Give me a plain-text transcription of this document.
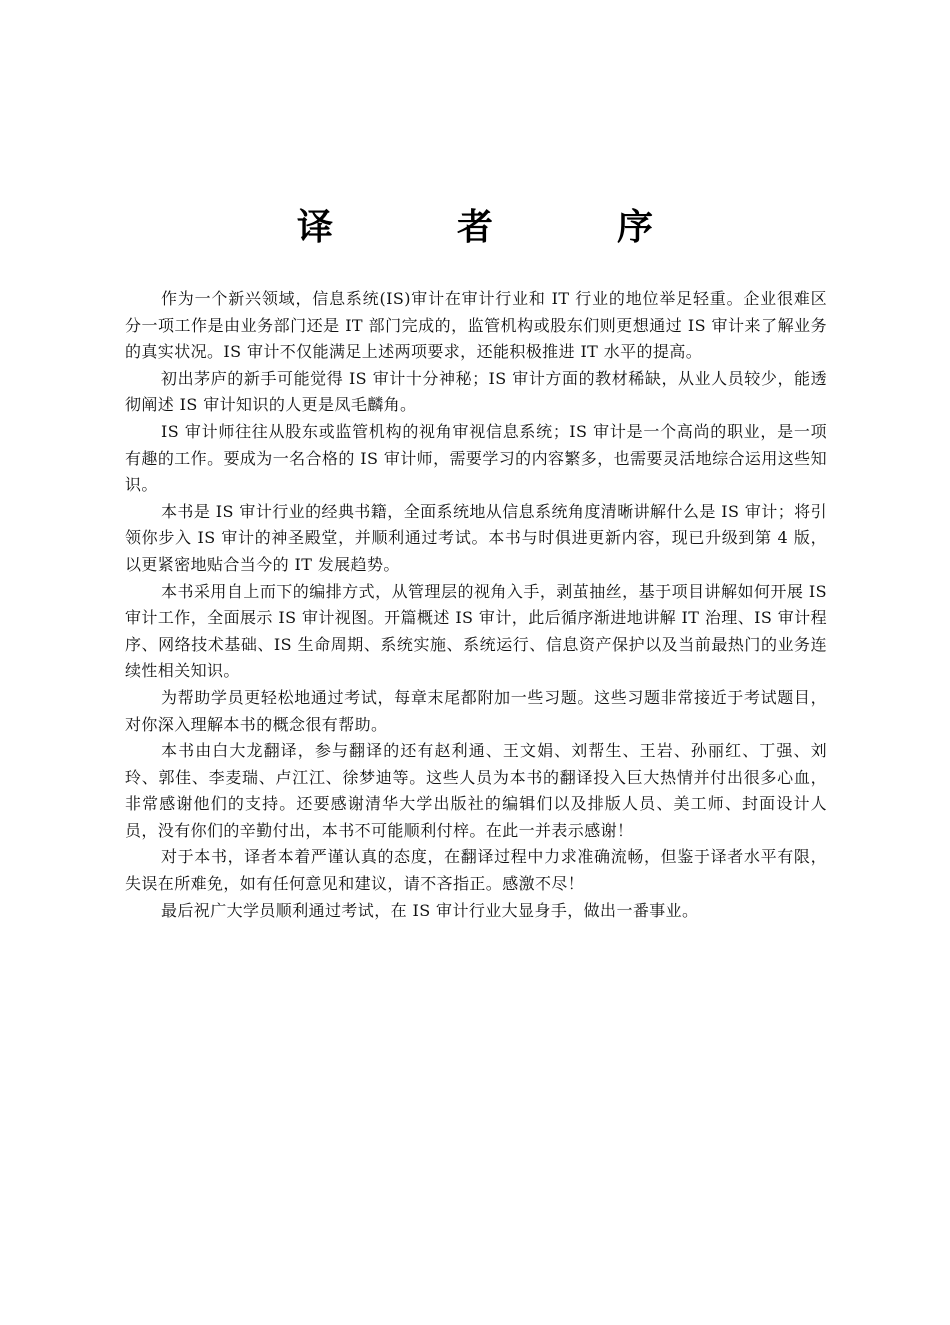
译　者　序

作为一个新兴领域，信息系统(IS)审计在审计行业和 IT 行业的地位举足轻重。企业很难区分一项工作是由业务部门还是 IT 部门完成的，监管机构或股东们则更想通过 IS 审计来了解业务的真实状况。IS 审计不仅能满足上述两项要求，还能积极推进 IT 水平的提高。

初出茅庐的新手可能觉得 IS 审计十分神秘；IS 审计方面的教材稀缺，从业人员较少，能透彻阐述 IS 审计知识的人更是凤毛麟角。

IS 审计师往往从股东或监管机构的视角审视信息系统；IS 审计是一个高尚的职业，是一项有趣的工作。要成为一名合格的 IS 审计师，需要学习的内容繁多，也需要灵活地综合运用这些知识。

本书是 IS 审计行业的经典书籍，全面系统地从信息系统角度清晰讲解什么是 IS 审计；将引领你步入 IS 审计的神圣殿堂，并顺利通过考试。本书与时俱进更新内容，现已升级到第 4 版，以更紧密地贴合当今的 IT 发展趋势。

本书采用自上而下的编排方式，从管理层的视角入手，剥茧抽丝，基于项目讲解如何开展 IS 审计工作，全面展示 IS 审计视图。开篇概述 IS 审计，此后循序渐进地讲解 IT 治理、IS 审计程序、网络技术基础、IS 生命周期、系统实施、系统运行、信息资产保护以及当前最热门的业务连续性相关知识。

为帮助学员更轻松地通过考试，每章末尾都附加一些习题。这些习题非常接近于考试题目，对你深入理解本书的概念很有帮助。

本书由白大龙翻译，参与翻译的还有赵利通、王文娟、刘帮生、王岩、孙丽红、丁强、刘玲、郭佳、李麦瑞、卢江江、徐梦迪等。这些人员为本书的翻译投入巨大热情并付出很多心血，非常感谢他们的支持。还要感谢清华大学出版社的编辑们以及排版人员、美工师、封面设计人员，没有你们的辛勤付出，本书不可能顺利付梓。在此一并表示感谢！

对于本书，译者本着严谨认真的态度，在翻译过程中力求准确流畅，但鉴于译者水平有限，失误在所难免，如有任何意见和建议，请不吝指正。感激不尽！

最后祝广大学员顺利通过考试，在 IS 审计行业大显身手，做出一番事业。
